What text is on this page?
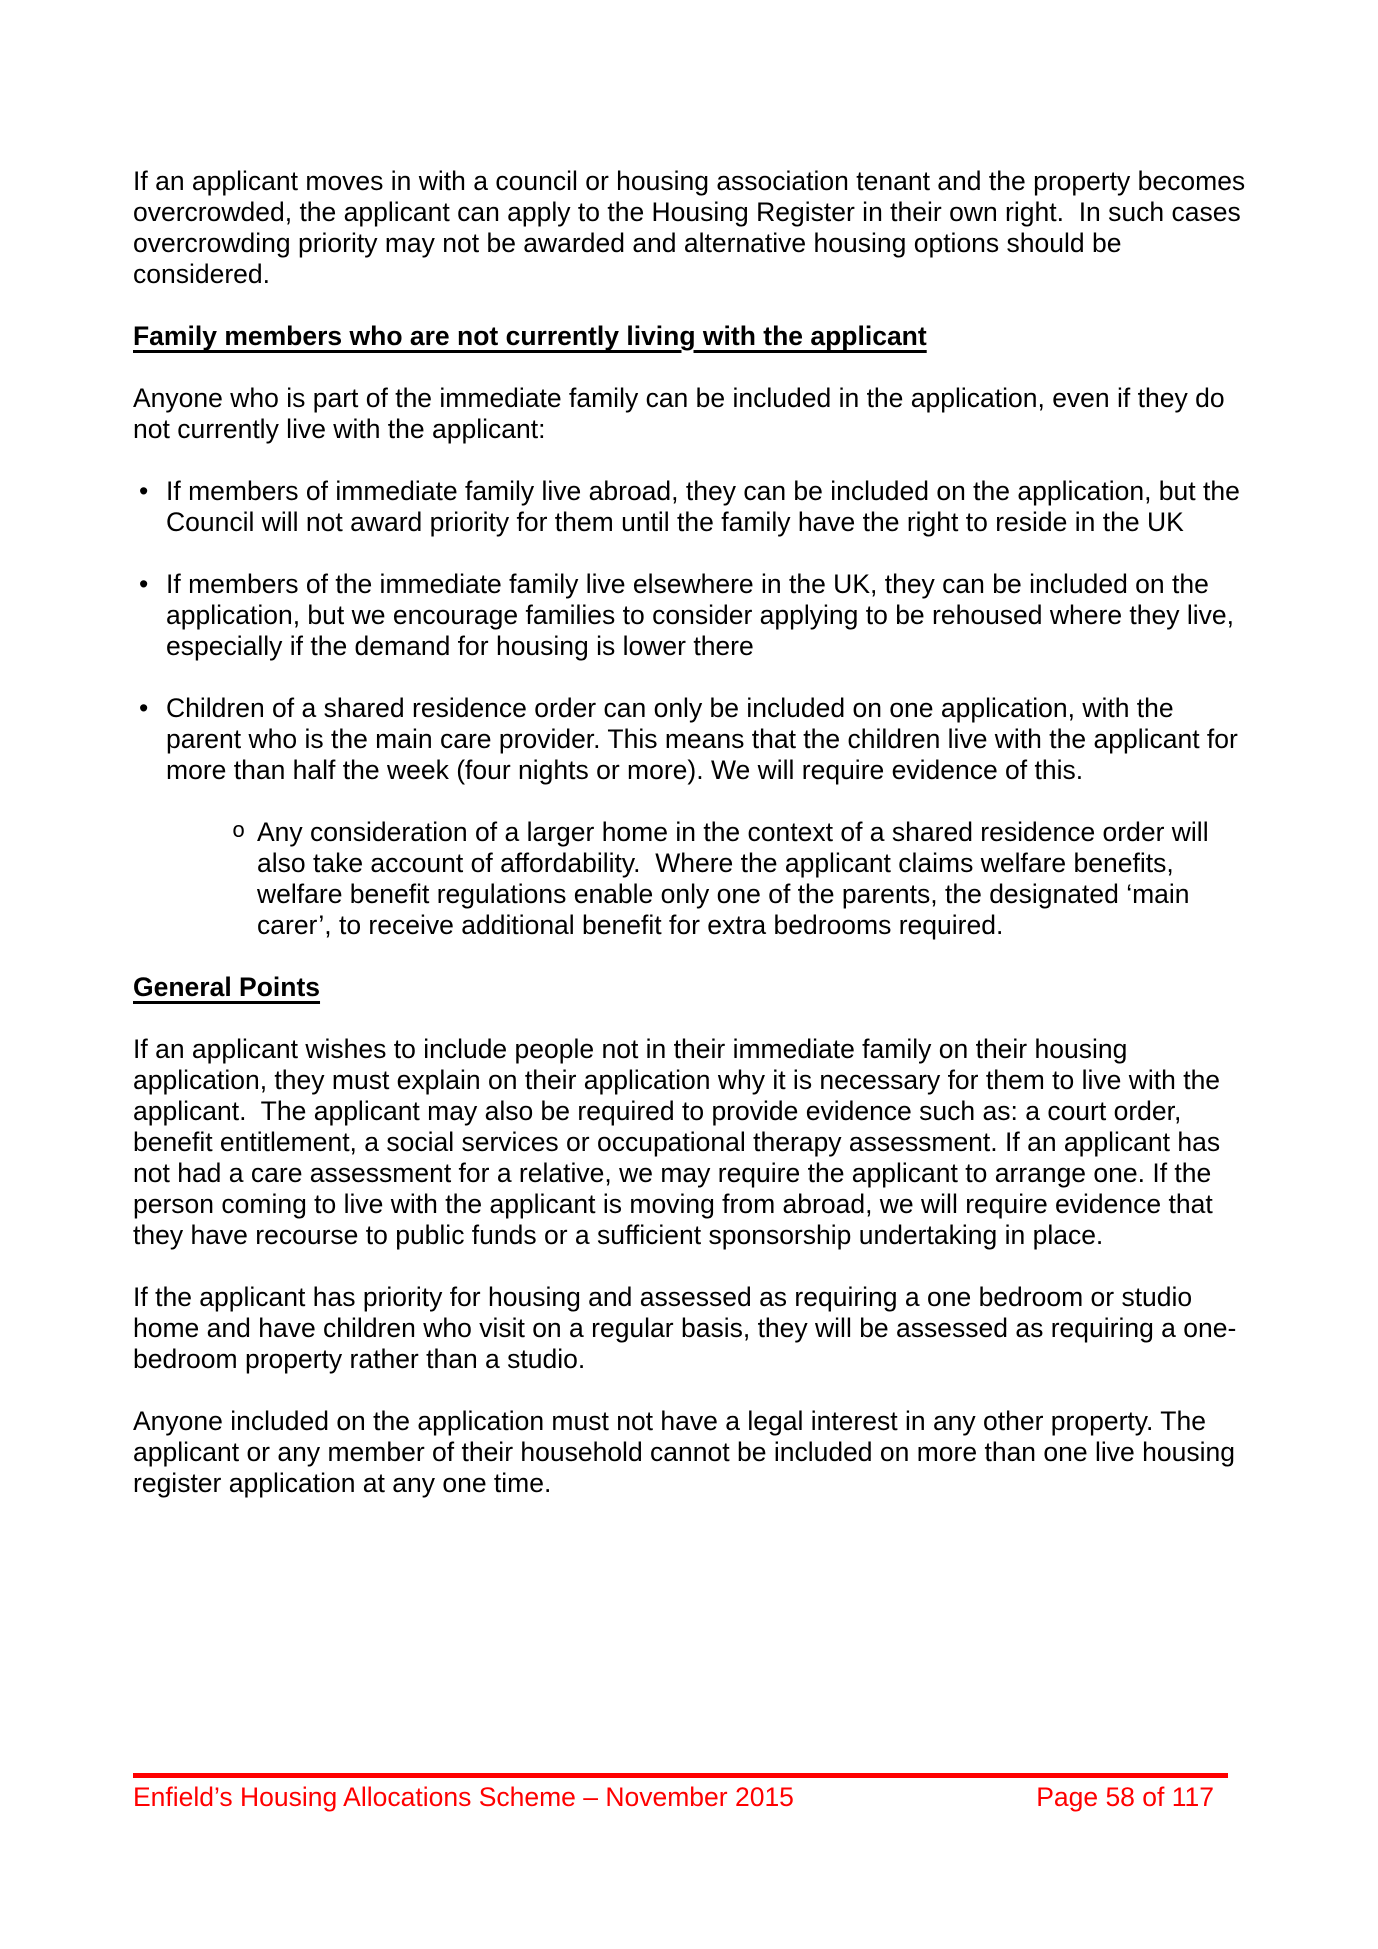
If an applicant moves in with a council or housing association tenant and the property becomes overcrowded, the applicant can apply to the Housing Register in their own right.  In such cases overcrowding priority may not be awarded and alternative housing options should be considered.

Family members who are not currently living with the applicant

Anyone who is part of the immediate family can be included in the application, even if they do not currently live with the applicant:

• If members of immediate family live abroad, they can be included on the application, but the Council will not award priority for them until the family have the right to reside in the UK
• If members of the immediate family live elsewhere in the UK, they can be included on the application, but we encourage families to consider applying to be rehoused where they live, especially if the demand for housing is lower there
• Children of a shared residence order can only be included on one application, with the parent who is the main care provider. This means that the children live with the applicant for more than half the week (four nights or more). We will require evidence of this.
o Any consideration of a larger home in the context of a shared residence order will also take account of affordability.  Where the applicant claims welfare benefits, welfare benefit regulations enable only one of the parents, the designated ‘main carer’, to receive additional benefit for extra bedrooms required.
General Points

If an applicant wishes to include people not in their immediate family on their housing application, they must explain on their application why it is necessary for them to live with the applicant.  The applicant may also be required to provide evidence such as: a court order, benefit entitlement, a social services or occupational therapy assessment. If an applicant has not had a care assessment for a relative, we may require the applicant to arrange one. If the person coming to live with the applicant is moving from abroad, we will require evidence that they have recourse to public funds or a sufficient sponsorship undertaking in place.

If the applicant has priority for housing and assessed as requiring a one bedroom or studio home and have children who visit on a regular basis, they will be assessed as requiring a one-bedroom property rather than a studio.

Anyone included on the application must not have a legal interest in any other property. The applicant or any member of their household cannot be included on more than one live housing register application at any one time.

Enfield’s Housing Allocations Scheme – November 2015	Page 58 of 117
